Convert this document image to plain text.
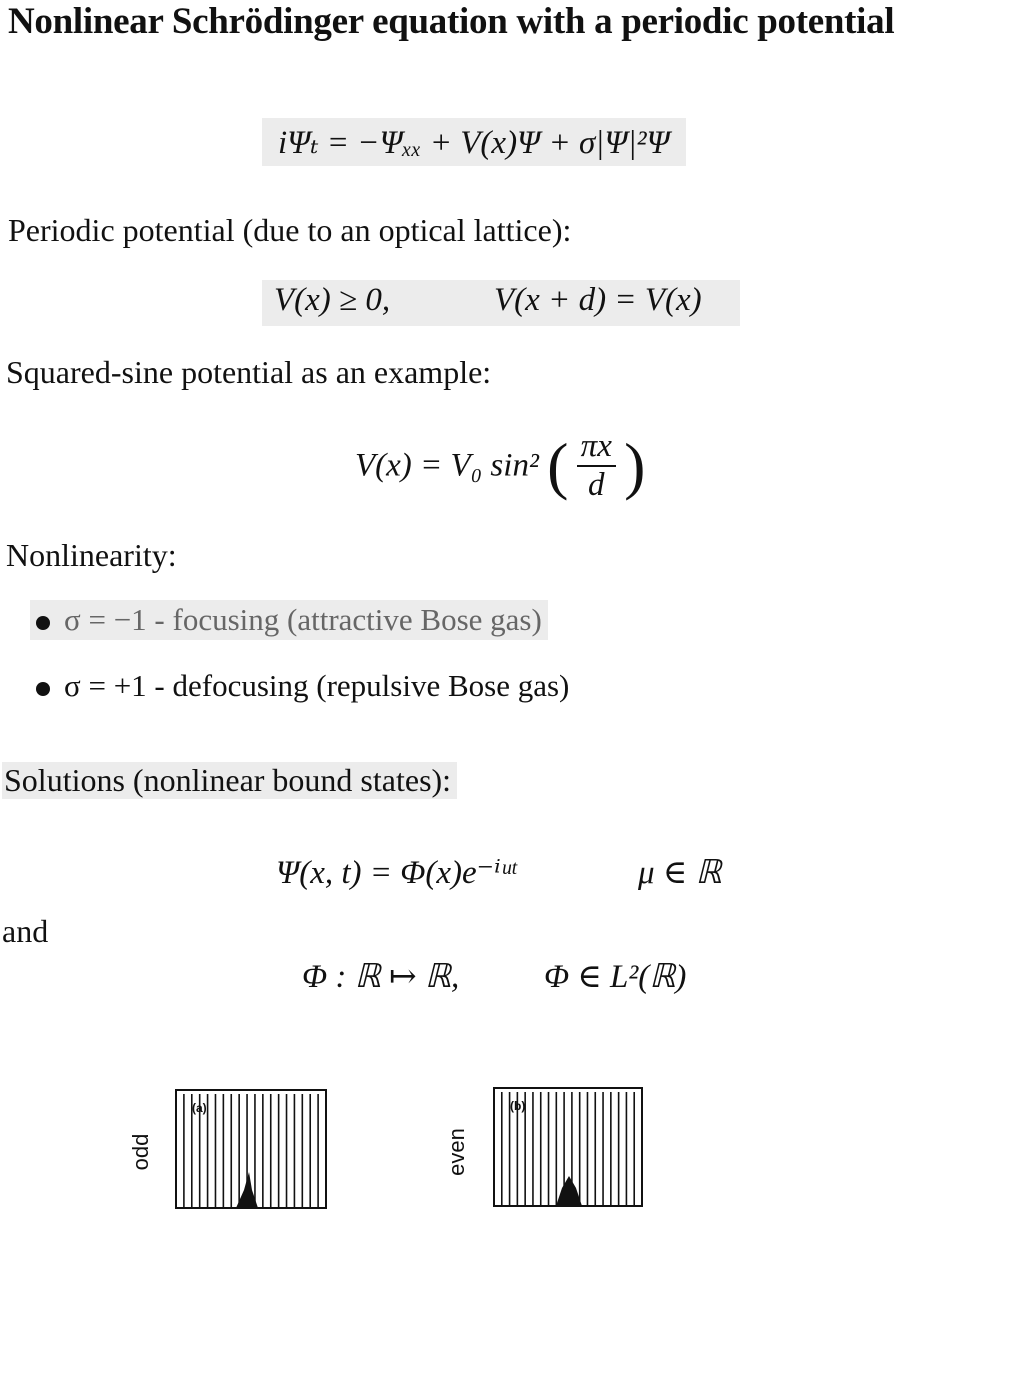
Nonlinear Schrödinger equation with a periodic potential
iΨₜ = −Ψₓₓ + V(x)Ψ + σ|Ψ|²Ψ
Periodic potential (due to an optical lattice):
V(x) ≥ 0,	V(x + d) = V(x)
Squared-sine potential as an example:
V(x) = V₀ sin² ( $\frac{\pi x}{d}$ )
Nonlinearity:
σ = −1 - focusing (attractive Bose gas)
σ = +1 - defocusing (repulsive Bose gas)
Solutions (nonlinear bound states):
Ψ(x, t) = Φ(x)e⁻ⁱᵘᵗ	μ ∈ ℝ
and
Φ : ℝ ↦ ℝ,	Φ ∈ L²(ℝ)
odd
(a)
even
(b)
